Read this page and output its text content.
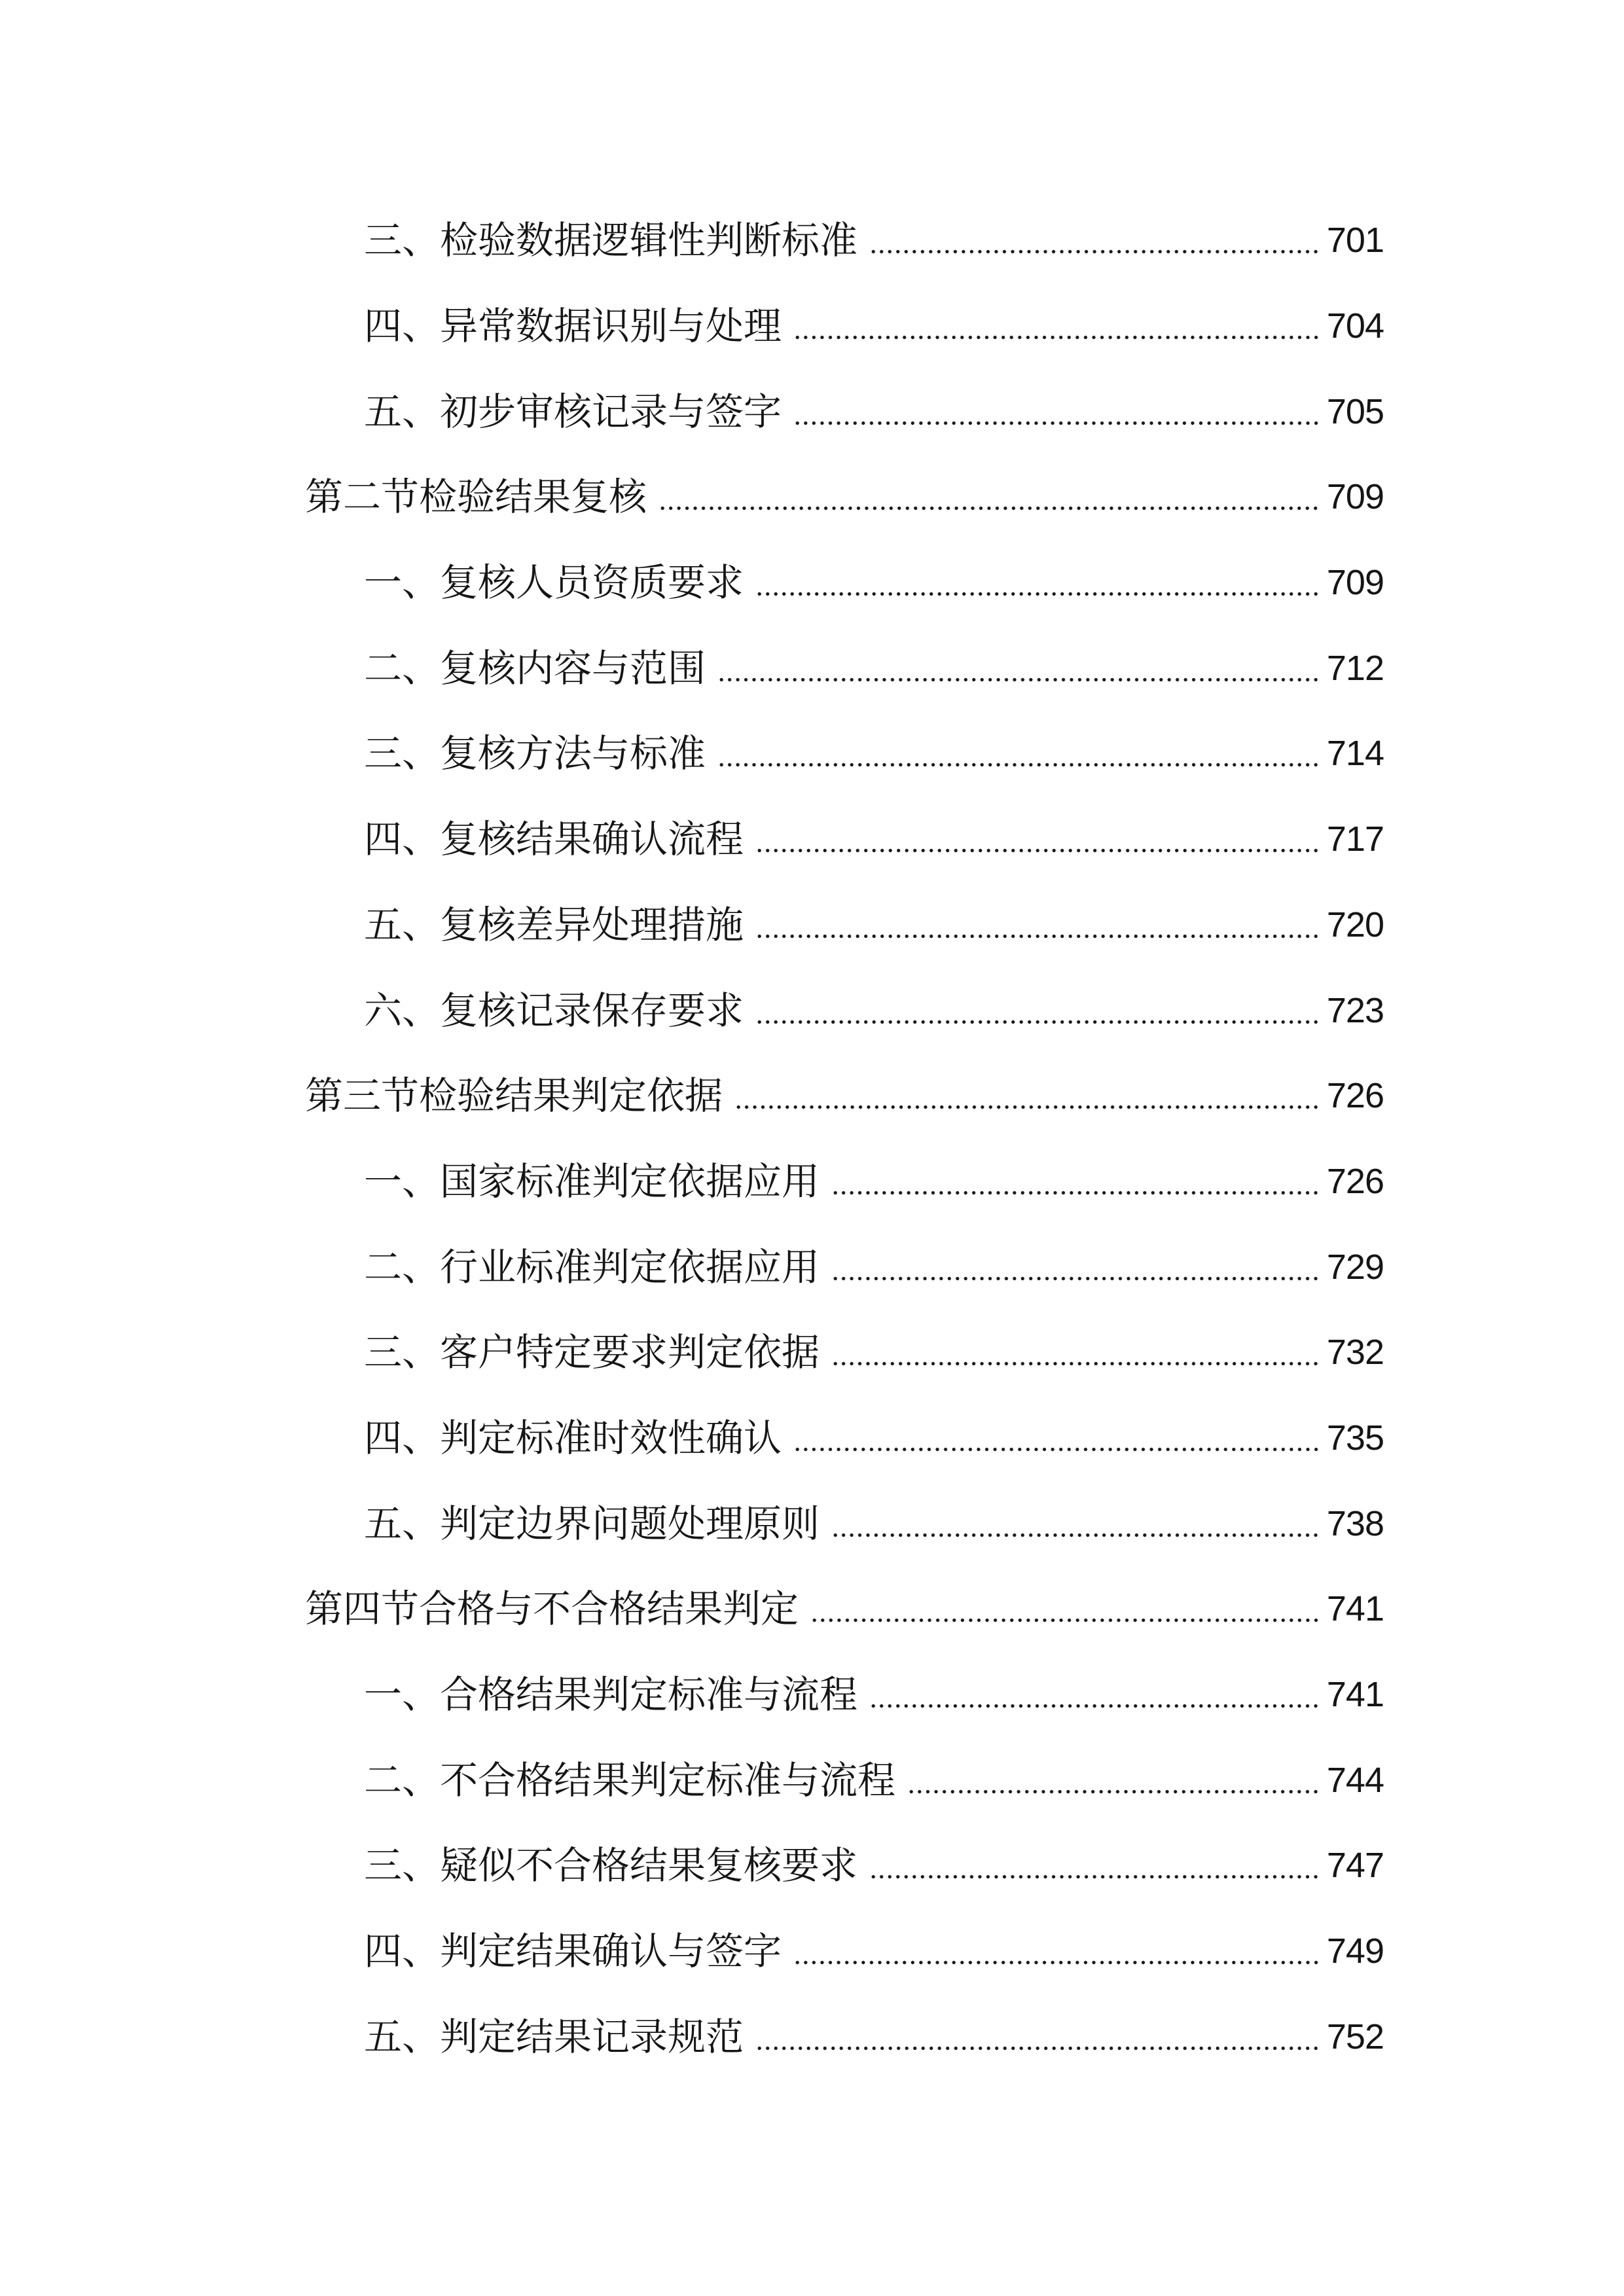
三、检验数据逻辑性判断标准	701
四、异常数据识别与处理	704
五、初步审核记录与签字	705
第二节检验结果复核	709
一、复核人员资质要求	709
二、复核内容与范围	712
三、复核方法与标准	714
四、复核结果确认流程	717
五、复核差异处理措施	720
六、复核记录保存要求	723
第三节检验结果判定依据	726
一、国家标准判定依据应用	726
二、行业标准判定依据应用	729
三、客户特定要求判定依据	732
四、判定标准时效性确认	735
五、判定边界问题处理原则	738
第四节合格与不合格结果判定	741
一、合格结果判定标准与流程	741
二、不合格结果判定标准与流程	744
三、疑似不合格结果复核要求	747
四、判定结果确认与签字	749
五、判定结果记录规范	752
